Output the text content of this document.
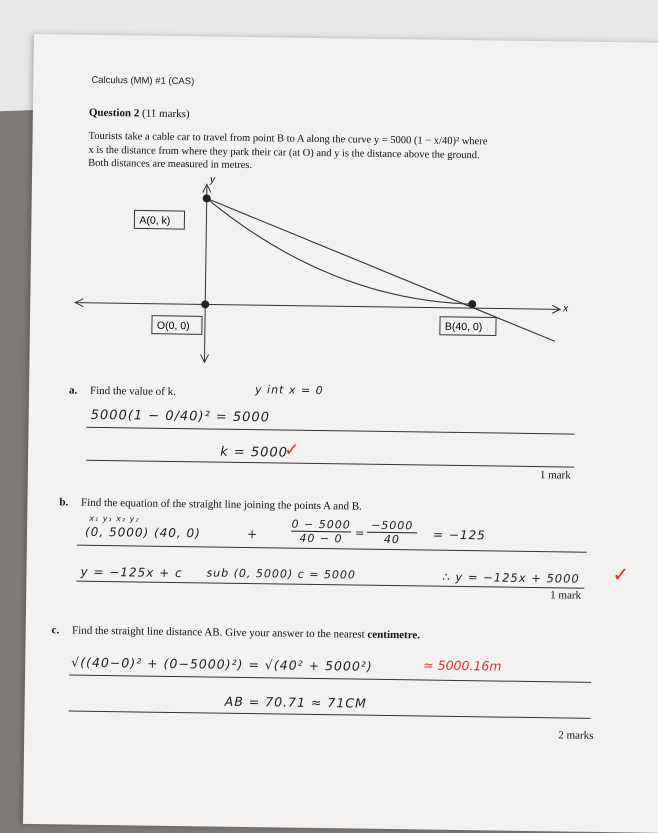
Calculus (MM) #1 (CAS)
Question 2 (11 marks)
Tourists take a cable car to travel from point B to A along the curve y = 5000 (1 − x/40)² where
x is the distance from where they park their car (at O) and y is the distance above the ground.
Both distances are measured in metres.
y
x
A(0, k)
O(0, 0)	B(40, 0)
a. Find the value of k.	y int x = 0
5000(1 − 0/40)² = 5000
k = 5000
✓
1 mark
b. Find the equation of the straight line joining the points A and B.
x₁ y₁ x₂ y₂
(0, 5000) (40, 0)	+	$\frac{0 - 5000}{40 - 0} = \frac{-5000}{40} = -125$
y = −125x + c sub (0, 5000) c = 5000	∴ y = −125x + 5000 ✓
1 mark
c. Find the straight line distance AB. Give your answer to the nearest centimetre.
√((40−0)² + (0−5000)²) = √(40² + 5000²)	≃ 5000.16m
AB = 70.71 ≈ 71CM
2 marks
